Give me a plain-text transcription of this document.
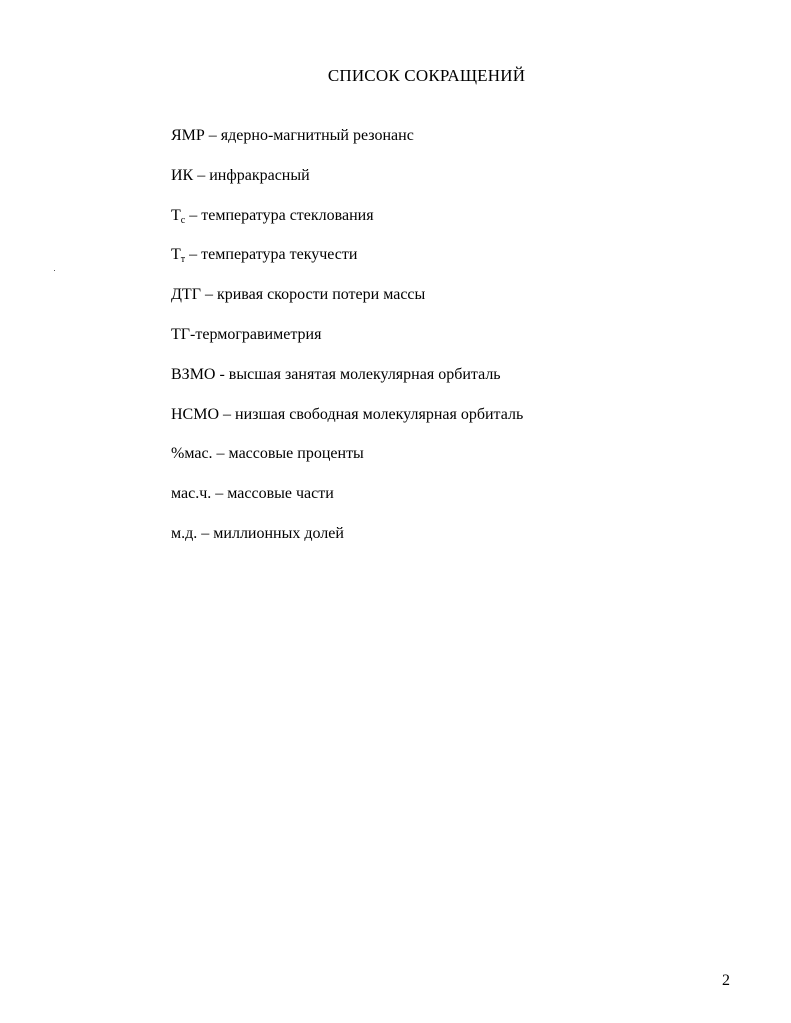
СПИСОК СОКРАЩЕНИЙ
ЯМР – ядерно-магнитный резонанс
ИК – инфракрасный
$T_c$ – температура стеклования
$T_т$ – температура текучести
ДТГ – кривая скорости потери массы
ТГ-термогравиметрия
ВЗМО - высшая занятая молекулярная орбиталь
НСМО – низшая свободная молекулярная орбиталь
%мас. – массовые проценты
мас.ч. – массовые части
м.д. – миллионных долей
2
